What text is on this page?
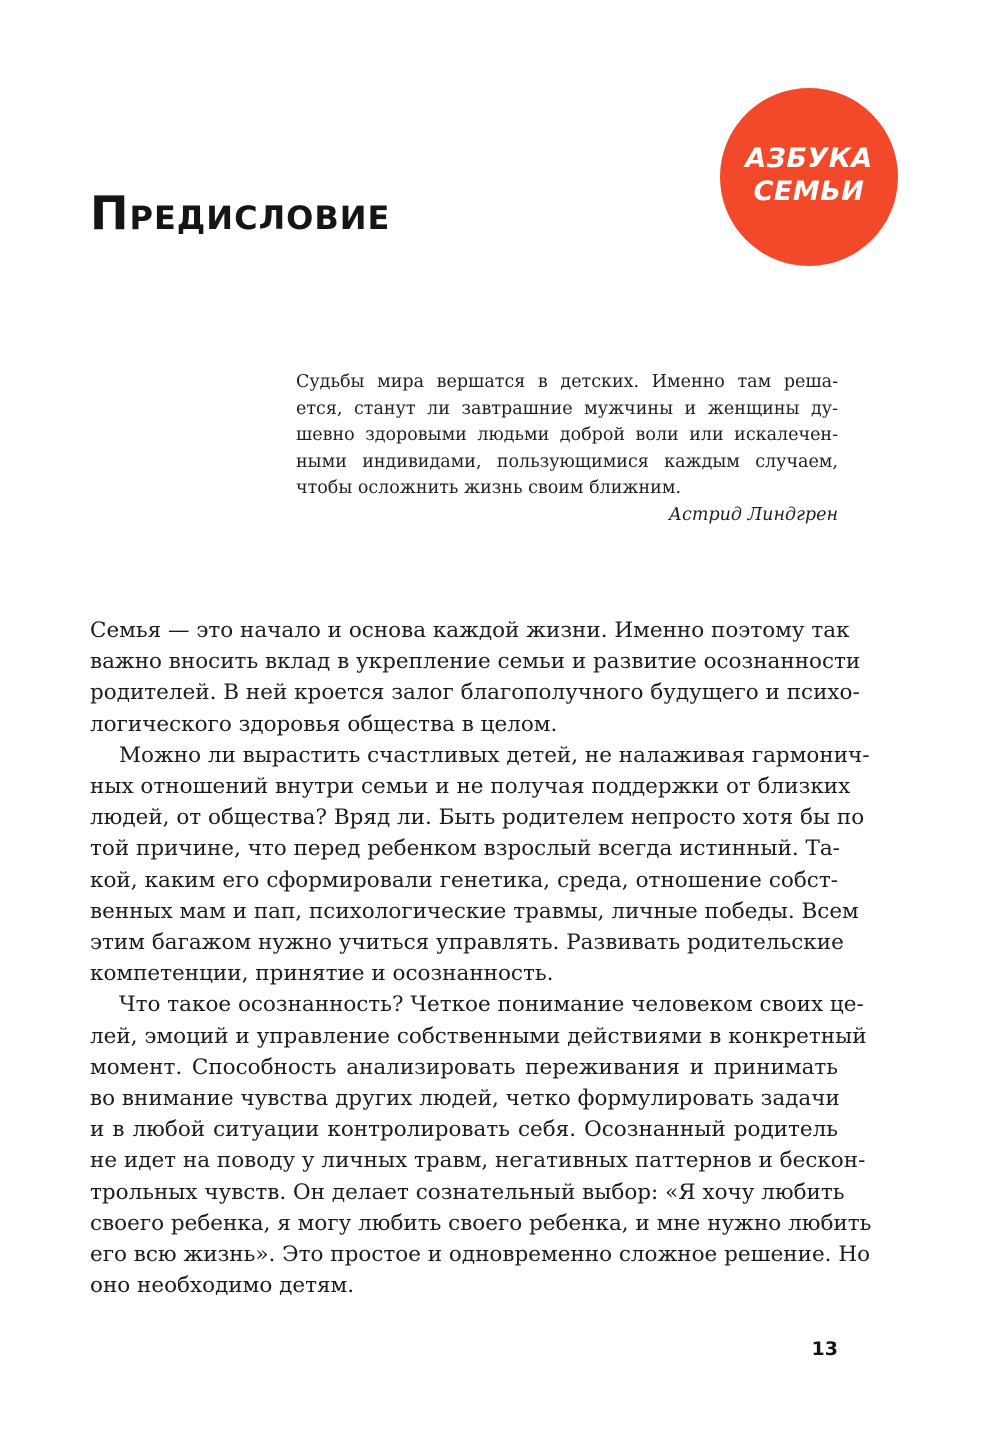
АЗБУКА
СЕМЬИ
Предисловие
Судьбы мира вершатся в детских. Именно там реша-
ется, станут ли завтрашние мужчины и женщины ду-
шевно здоровыми людьми доброй воли или искалечен-
ными индивидами, пользующимися каждым случаем,
чтобы осложнить жизнь своим ближним.
Астрид Линдгрен
Семья — это начало и основа каждой жизни. Именно поэтому так
важно вносить вклад в укрепление семьи и развитие осознанности
родителей. В ней кроется залог благополучного будущего и психо-
логического здоровья общества в целом.
Можно ли вырастить счастливых детей, не налаживая гармонич-
ных отношений внутри семьи и не получая поддержки от близких
людей, от общества? Вряд ли. Быть родителем непросто хотя бы по
той причине, что перед ребенком взрослый всегда истинный. Та-
кой, каким его сформировали генетика, среда, отношение собст-
венных мам и пап, психологические травмы, личные победы. Всем
этим багажом нужно учиться управлять. Развивать родительские
компетенции, принятие и осознанность.
Что такое осознанность? Четкое понимание человеком своих це-
лей, эмоций и управление собственными действиями в конкретный
момент. Способность анализировать переживания и принимать
во внимание чувства других людей, четко формулировать задачи
и в любой ситуации контролировать себя. Осознанный родитель
не идет на поводу у личных травм, негативных паттернов и бескон-
трольных чувств. Он делает сознательный выбор: «Я хочу любить
своего ребенка, я могу любить своего ребенка, и мне нужно любить
его всю жизнь». Это простое и одновременно сложное решение. Но
оно необходимо детям.
13
